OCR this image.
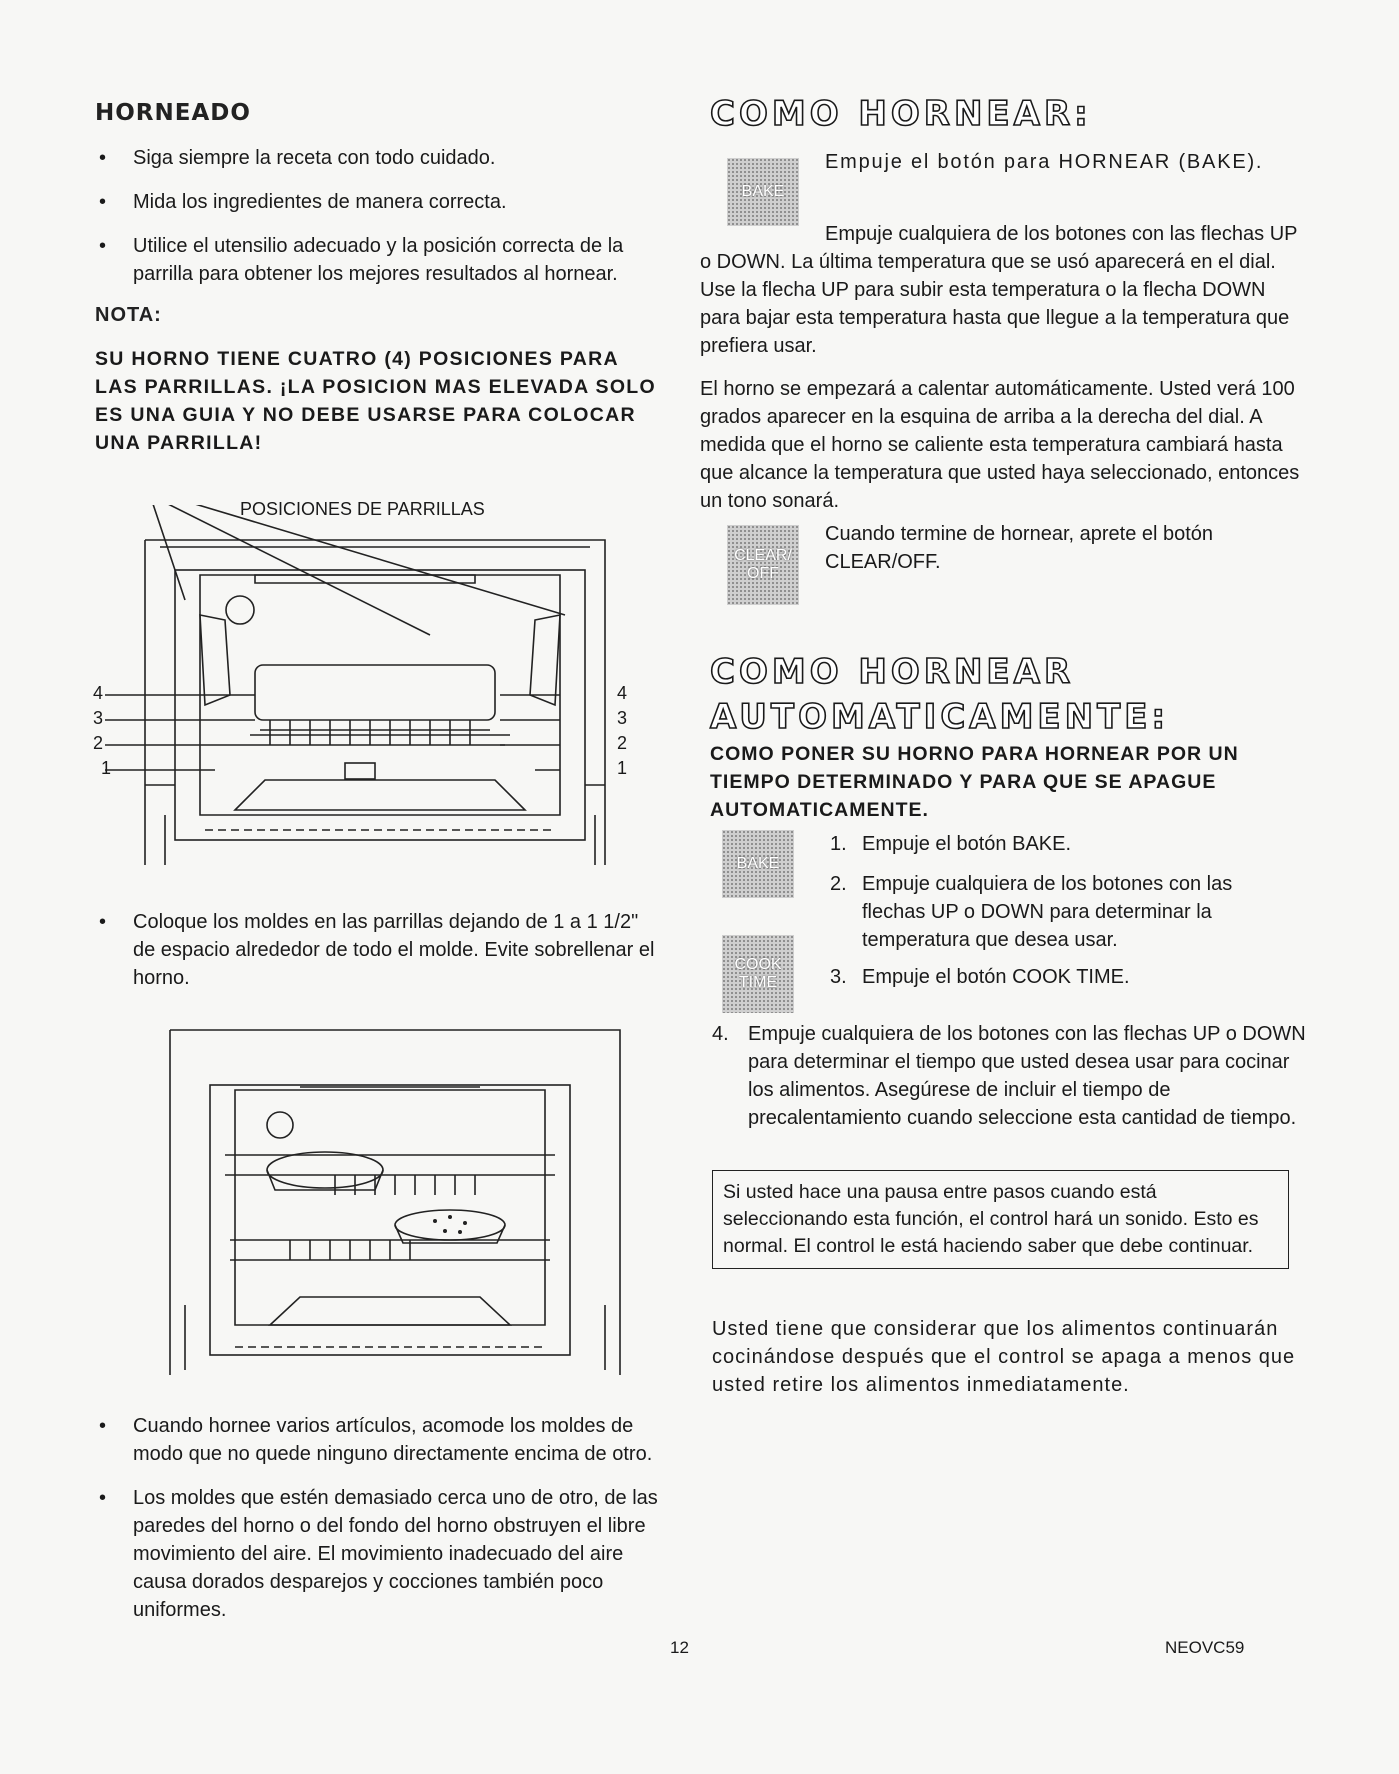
HORNEADO
• Siga siempre la receta con todo cuidado.
• Mida los ingredientes de manera correcta.
• Utilice el utensilio adecuado y la posición correcta de la parrilla para obtener los mejores resultados al hornear.
NOTA:

SU HORNO TIENE CUATRO (4) POSICIONES PARA LAS PARRILLAS. ¡LA POSICION MAS ELEVADA SOLO ES UNA GUIA Y NO DEBE USARSE PARA COLOCAR UNA PARRILLA!

POSICIONES DE PARRILLAS
4
3
2
1
4
3
2
1
• Coloque los moldes en las parrillas dejando de 1 a 1 1/2" de espacio alrededor de todo el molde. Evite sobrellenar el horno.
• Cuando hornee varios artículos, acomode los moldes de modo que no quede ninguno directamente encima de otro.
• Los moldes que estén demasiado cerca uno de otro, de las paredes del horno o del fondo del horno obstruyen el libre movimiento del aire. El movimiento inadecuado del aire causa dorados desparejos y cocciones también poco uniformes.
COMO HORNEAR:
BAKE
Empuje el botón para HORNEAR (BAKE).
Empuje cualquiera de los botones con las flechas UP o DOWN. La última temperatura que se usó aparecerá en el dial. Use la flecha UP para subir esta temperatura o la flecha DOWN para bajar esta temperatura hasta que llegue a la temperatura que prefiera usar.

El horno se empezará a calentar automáticamente. Usted verá 100 grados aparecer en la esquina de arriba a la derecha del dial. A medida que el horno se caliente esta temperatura cambiará hasta que alcance la temperatura que usted haya seleccionado, entonces un tono sonará.

CLEAR/ OFF
Cuando termine de hornear, aprete el botón CLEAR/OFF.
COMO HORNEAR
AUTOMATICAMENTE:

COMO PONER SU HORNO PARA HORNEAR POR UN TIEMPO DETERMINADO Y PARA QUE SE APAGUE AUTOMATICAMENTE.

BAKE
COOK TIME
1. Empuje el botón BAKE.
2. Empuje cualquiera de los botones con las flechas UP o DOWN para determinar la temperatura que desea usar.
3. Empuje el botón COOK TIME.
4. Empuje cualquiera de los botones con las flechas UP o DOWN para determinar el tiempo que usted desea usar para cocinar los alimentos. Asegúrese de incluir el tiempo de precalentamiento cuando seleccione esta cantidad de tiempo.
Si usted hace una pausa entre pasos cuando está seleccionando esta función, el control hará un sonido. Esto es normal. El control le está haciendo saber que debe continuar.

Usted tiene que considerar que los alimentos continuarán cocinándose después que el control se apaga a menos que usted retire los alimentos inmediatamente.

12	NEOVC59
